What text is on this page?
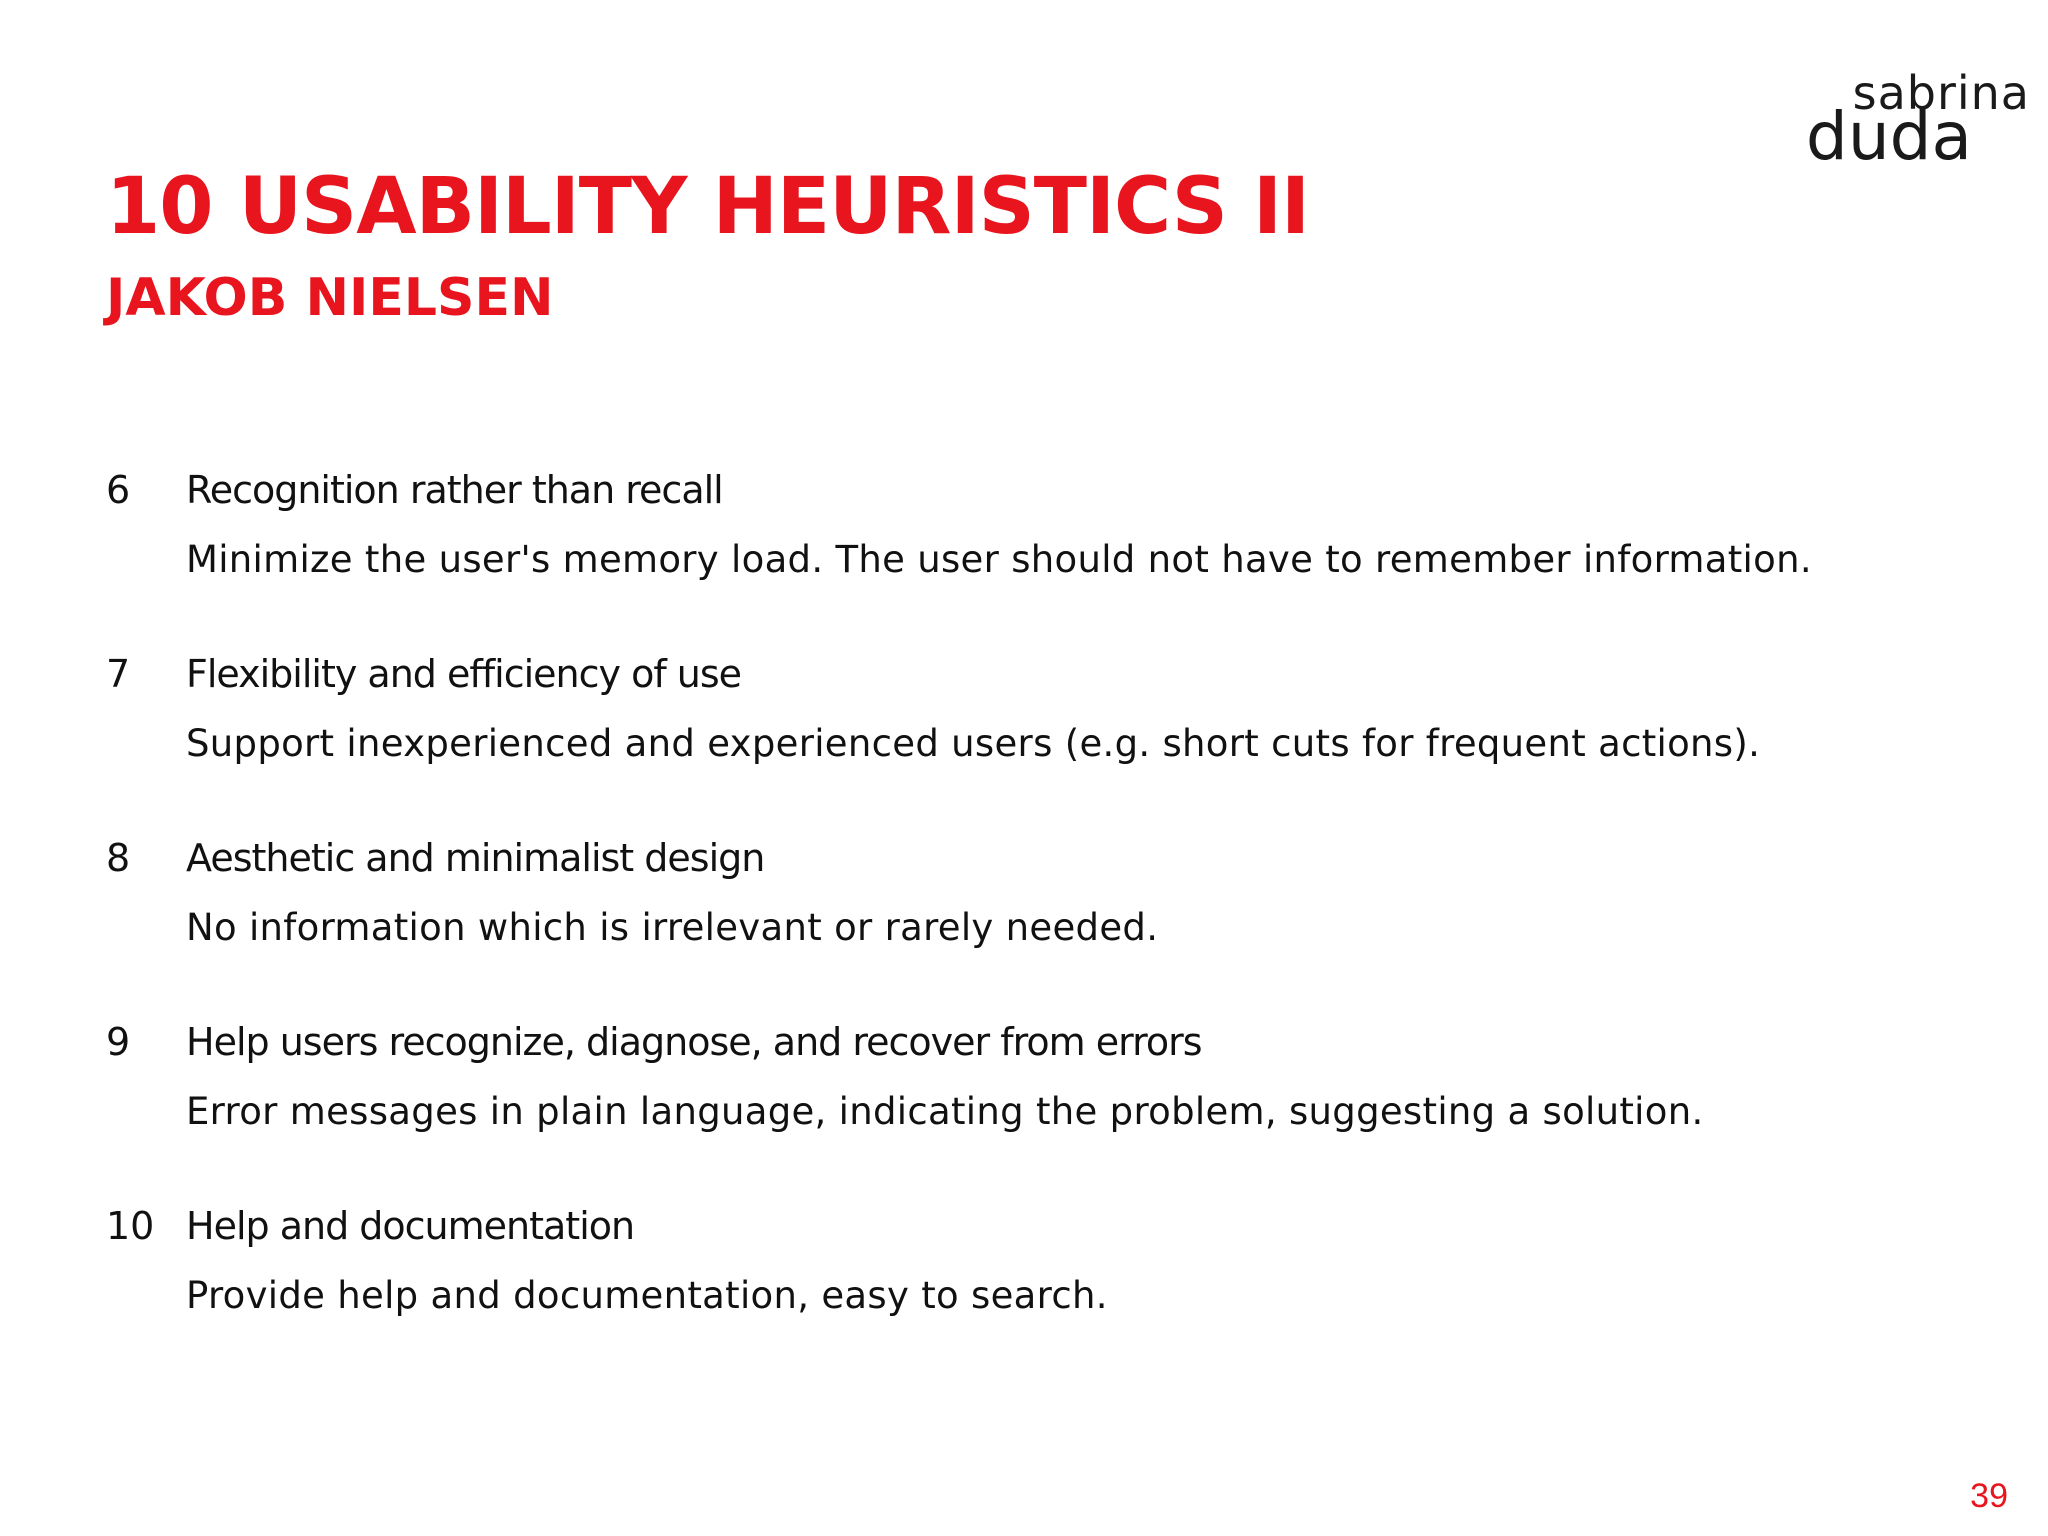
sabrina
duda
10 USABILITY HEURISTICS II
JAKOB NIELSEN
6 Recognition rather than recall
Minimize the user's memory load. The user should not have to remember information.
7 Flexibility and efficiency of use
Support inexperienced and experienced users (e.g. short cuts for frequent actions).
8 Aesthetic and minimalist design
No information which is irrelevant or rarely needed.
9 Help users recognize, diagnose, and recover from errors
Error messages in plain language, indicating the problem, suggesting a solution.
10 Help and documentation
Provide help and documentation, easy to search.
39
